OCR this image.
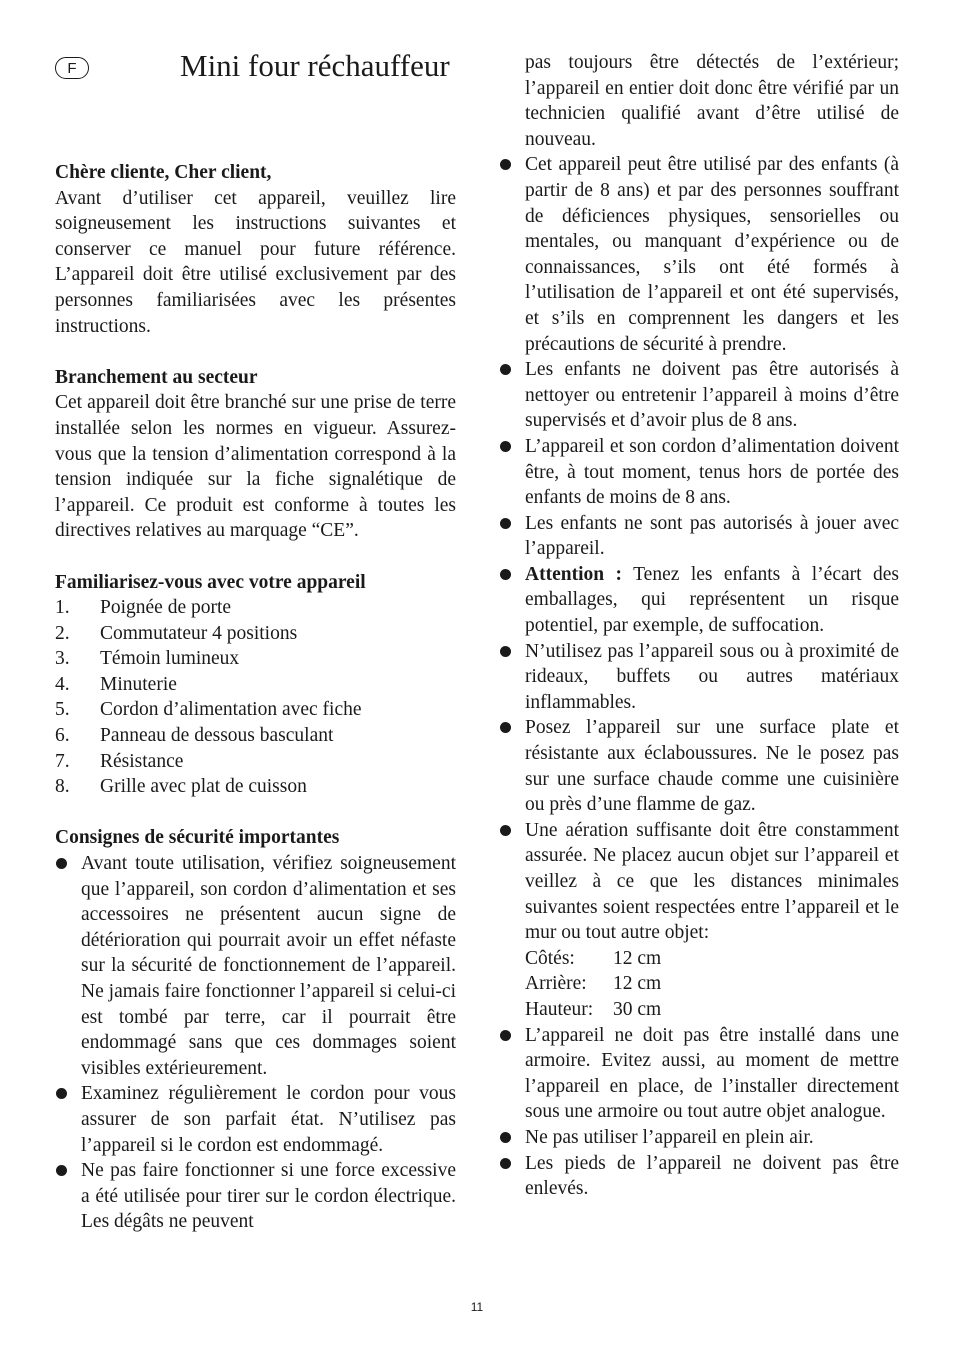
F	Mini four réchauffeur

Chère cliente, Cher client,

Avant d’utiliser cet appareil, veuillez lire soigneusement les instructions suivantes et conserver ce manuel pour future référence. L’appareil doit être utilisé exclusivement par des personnes familiarisées avec les présentes instructions.

Branchement au secteur

Cet appareil doit être branché sur une prise de terre installée selon les normes en vigueur. Assurez-vous que la tension d’alimentation correspond à la tension indiquée sur la fiche signalétique de l’appareil. Ce produit est conforme à toutes les directives relatives au marquage “CE”.

Familiarisez-vous avec votre appareil

1. Poignée de porte
2. Commutateur 4 positions
3. Témoin lumineux
4. Minuterie
5. Cordon d’alimentation avec fiche
6. Panneau de dessous basculant
7. Résistance
8. Grille avec plat de cuisson

Consignes de sécurité importantes

Avant toute utilisation, vérifiez soigneusement que l’appareil, son cordon d’alimentation et ses accessoires ne présentent aucun signe de détérioration qui pourrait avoir un effet néfaste sur la sécurité de fonctionnement de l’appareil. Ne jamais faire fonctionner l’appareil si celui-ci est tombé par terre, car il pourrait être endommagé sans que ces dommages soient visibles extérieurement.
Examinez régulièrement le cordon pour vous assurer de son parfait état. N’utilisez pas l’appareil si le cordon est endommagé.
Ne pas faire fonctionner si une force excessive a été utilisée pour tirer sur le cordon électrique. Les dégâts ne peuvent

pas toujours être détectés de l’extérieur; l’appareil en entier doit donc être vérifié par un technicien qualifié avant d’être utilisé de nouveau.

Cet appareil peut être utilisé par des enfants (à partir de 8 ans) et par des personnes souffrant de déficiences physiques, sensorielles ou mentales, ou manquant d’expérience ou de connaissances, s’ils ont été formés à l’utilisation de l’appareil et ont été supervisés, et s’ils en comprennent les dangers et les précautions de sécurité à prendre.
Les enfants ne doivent pas être autorisés à nettoyer ou entretenir l’appareil à moins d’être supervisés et d’avoir plus de 8 ans.
L’appareil et son cordon d’alimentation doivent être, à tout moment, tenus hors de portée des enfants de moins de 8 ans.
Les enfants ne sont pas autorisés à jouer avec l’appareil.
Attention : Tenez les enfants à l’écart des emballages, qui représentent un risque potentiel, par exemple, de suffocation.
N’utilisez pas l’appareil sous ou à proximité de rideaux, buffets ou autres matériaux inflammables.
Posez l’appareil sur une surface plate et résistante aux éclaboussures. Ne le posez pas sur une surface chaude comme une cuisinière ou près d’une flamme de gaz.
Une aération suffisante doit être constamment assurée. Ne placez aucun objet sur l’appareil et veillez à ce que les distances minimales suivantes soient respectées entre l’appareil et le mur ou tout autre objet:
Côtés:	12 cm
Arrière:	12 cm
Hauteur:	30 cm
L’appareil ne doit pas être installé dans une armoire. Evitez aussi, au moment de mettre l’appareil en place, de l’installer directement sous une armoire ou tout autre objet analogue.
Ne pas utiliser l’appareil en plein air.
Les pieds de l’appareil ne doivent pas être enlevés.
11
